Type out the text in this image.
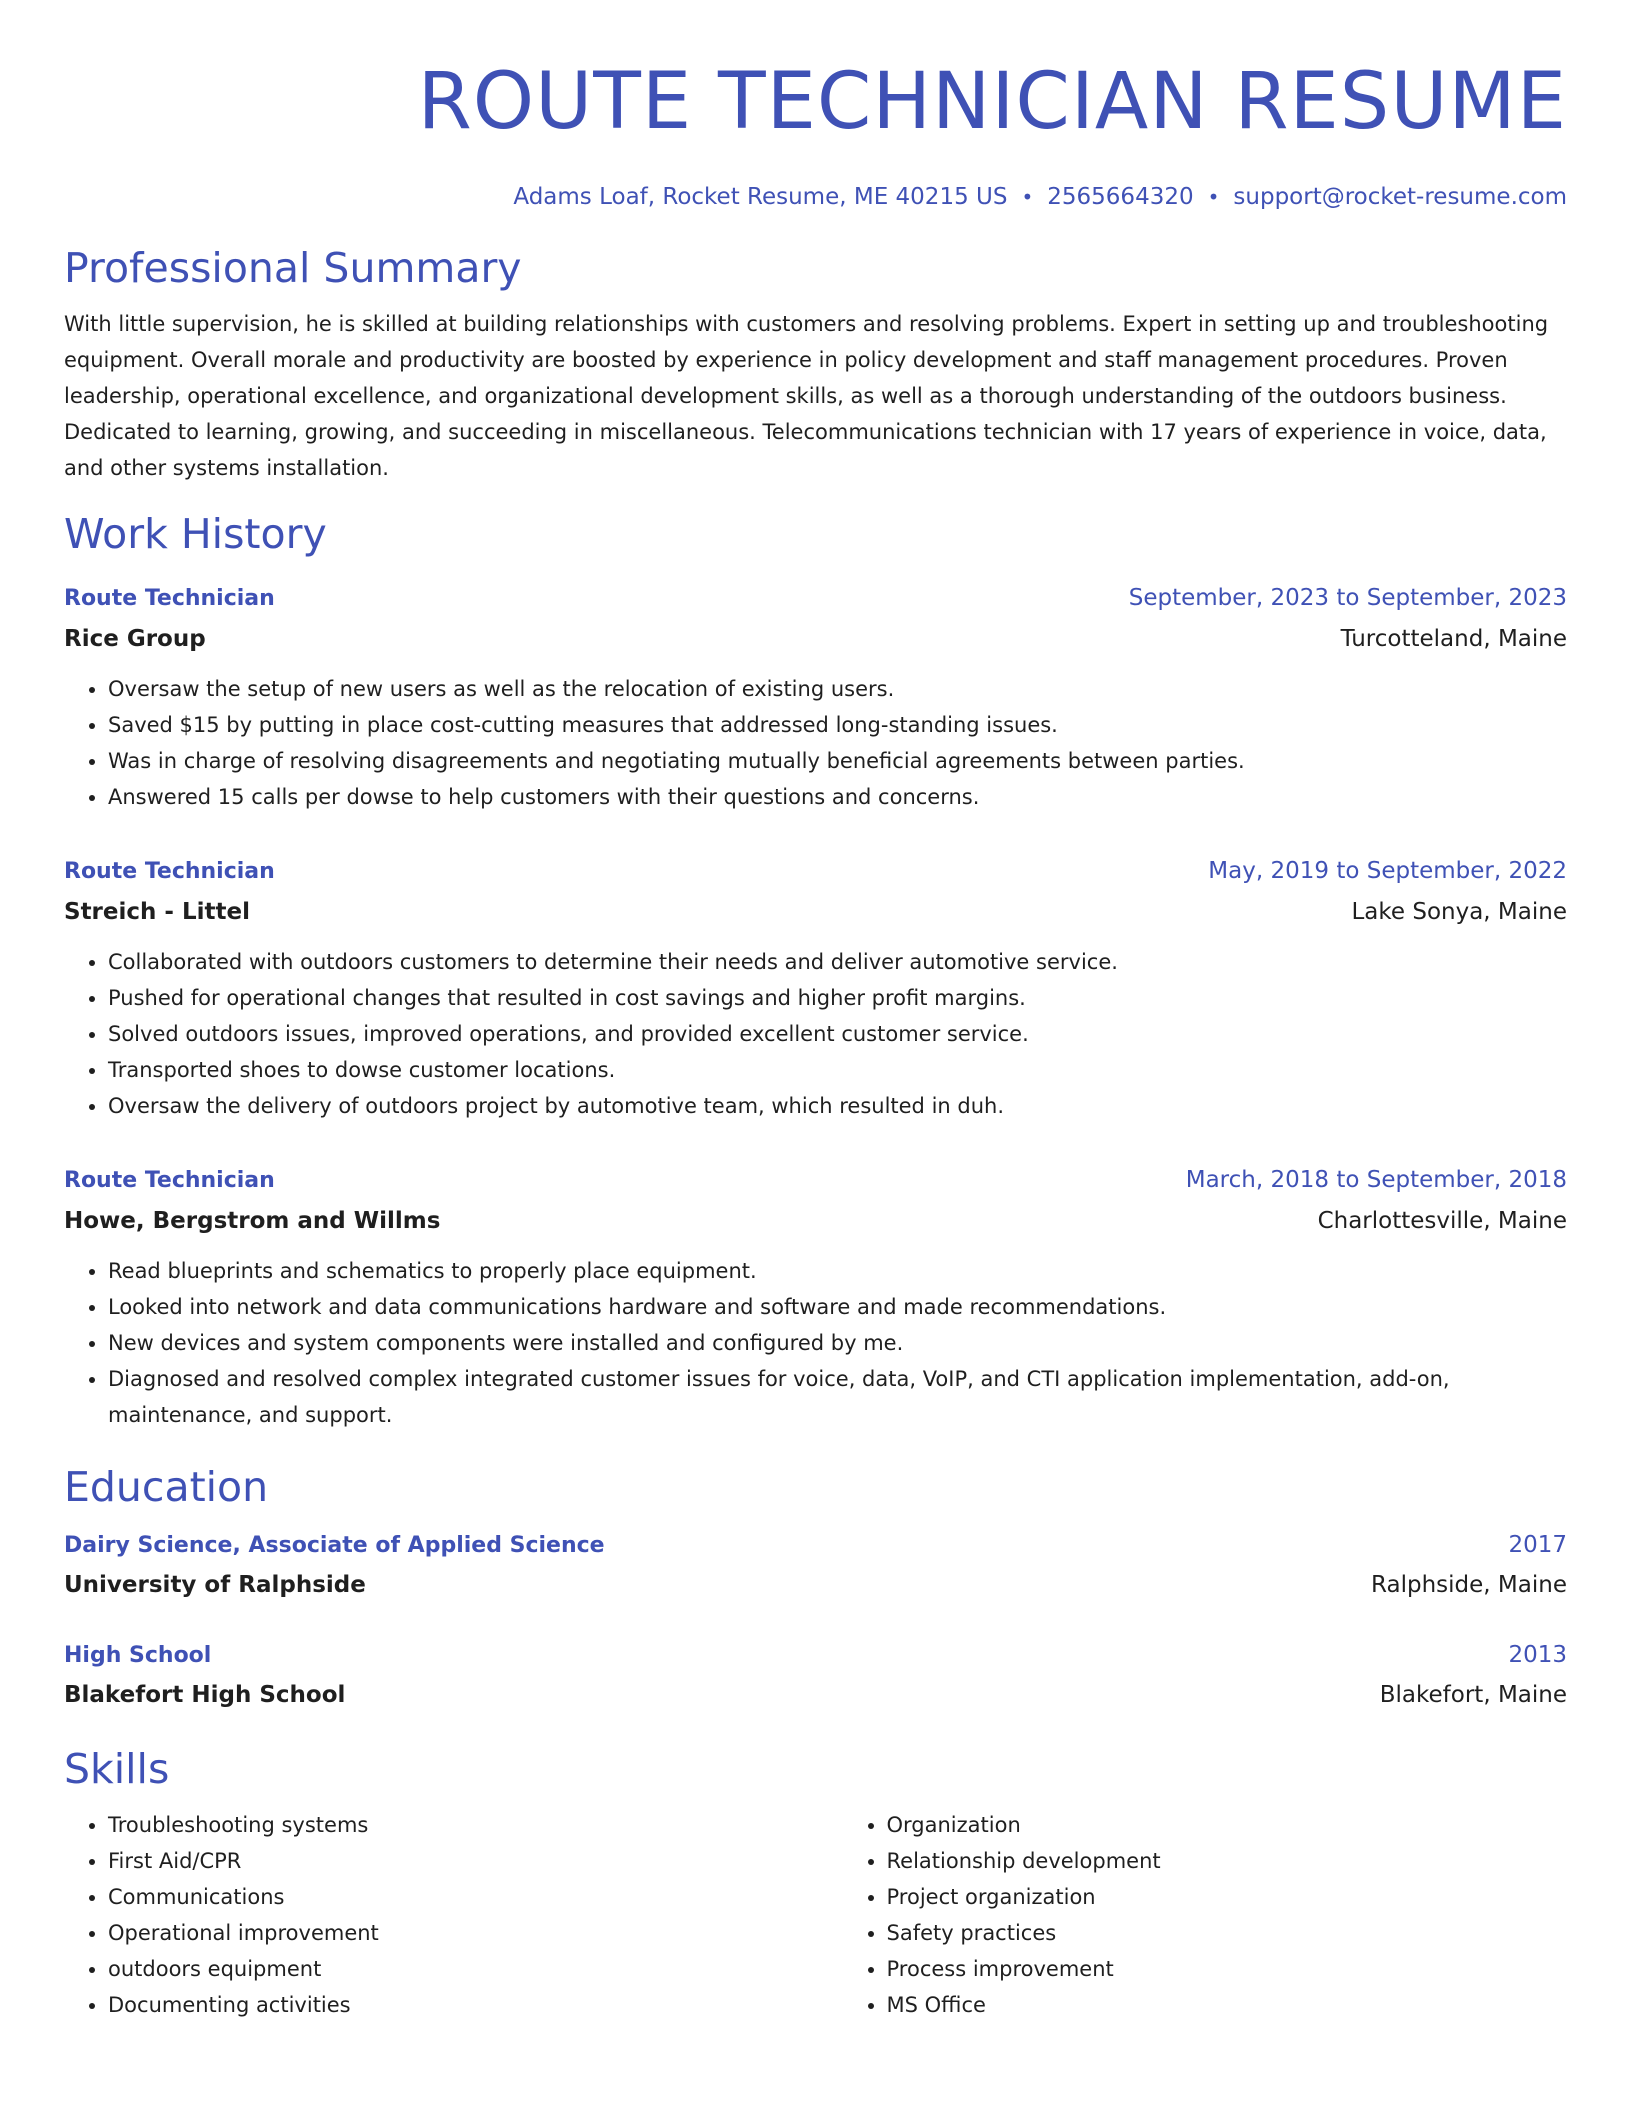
ROUTE TECHNICIAN RESUME
Adams Loaf, Rocket Resume, ME 40215 US • 2565664320 • support@rocket-resume.com
Professional Summary

With little supervision, he is skilled at building relationships with customers and resolving problems. Expert in setting up and troubleshooting equipment. Overall morale and productivity are boosted by experience in policy development and staff management procedures. Proven leadership, operational excellence, and organizational development skills, as well as a thorough understanding of the outdoors business. Dedicated to learning, growing, and succeeding in miscellaneous. Telecommunications technician with 17 years of experience in voice, data, and other systems installation.

Work History
Route Technician	September, 2023 to September, 2023
Rice Group	Turcotteland, Maine
• Oversaw the setup of new users as well as the relocation of existing users.
• Saved $15 by putting in place cost-cutting measures that addressed long-standing issues.
• Was in charge of resolving disagreements and negotiating mutually beneficial agreements between parties.
• Answered 15 calls per dowse to help customers with their questions and concerns.
Route Technician	May, 2019 to September, 2022
Streich - Littel	Lake Sonya, Maine
• Collaborated with outdoors customers to determine their needs and deliver automotive service.
• Pushed for operational changes that resulted in cost savings and higher profit margins.
• Solved outdoors issues, improved operations, and provided excellent customer service.
• Transported shoes to dowse customer locations.
• Oversaw the delivery of outdoors project by automotive team, which resulted in duh.
Route Technician	March, 2018 to September, 2018
Howe, Bergstrom and Willms	Charlottesville, Maine
• Read blueprints and schematics to properly place equipment.
• Looked into network and data communications hardware and software and made recommendations.
• New devices and system components were installed and configured by me.
• Diagnosed and resolved complex integrated customer issues for voice, data, VoIP, and CTI application implementation, add-on, maintenance, and support.
Education
Dairy Science, Associate of Applied Science	2017
University of Ralphside	Ralphside, Maine
High School	2013
Blakefort High School	Blakefort, Maine
Skills
• Troubleshooting systems
• First Aid/CPR
• Communications
• Operational improvement
• outdoors equipment
• Documenting activities
• Organization
• Relationship development
• Project organization
• Safety practices
• Process improvement
• MS Office
